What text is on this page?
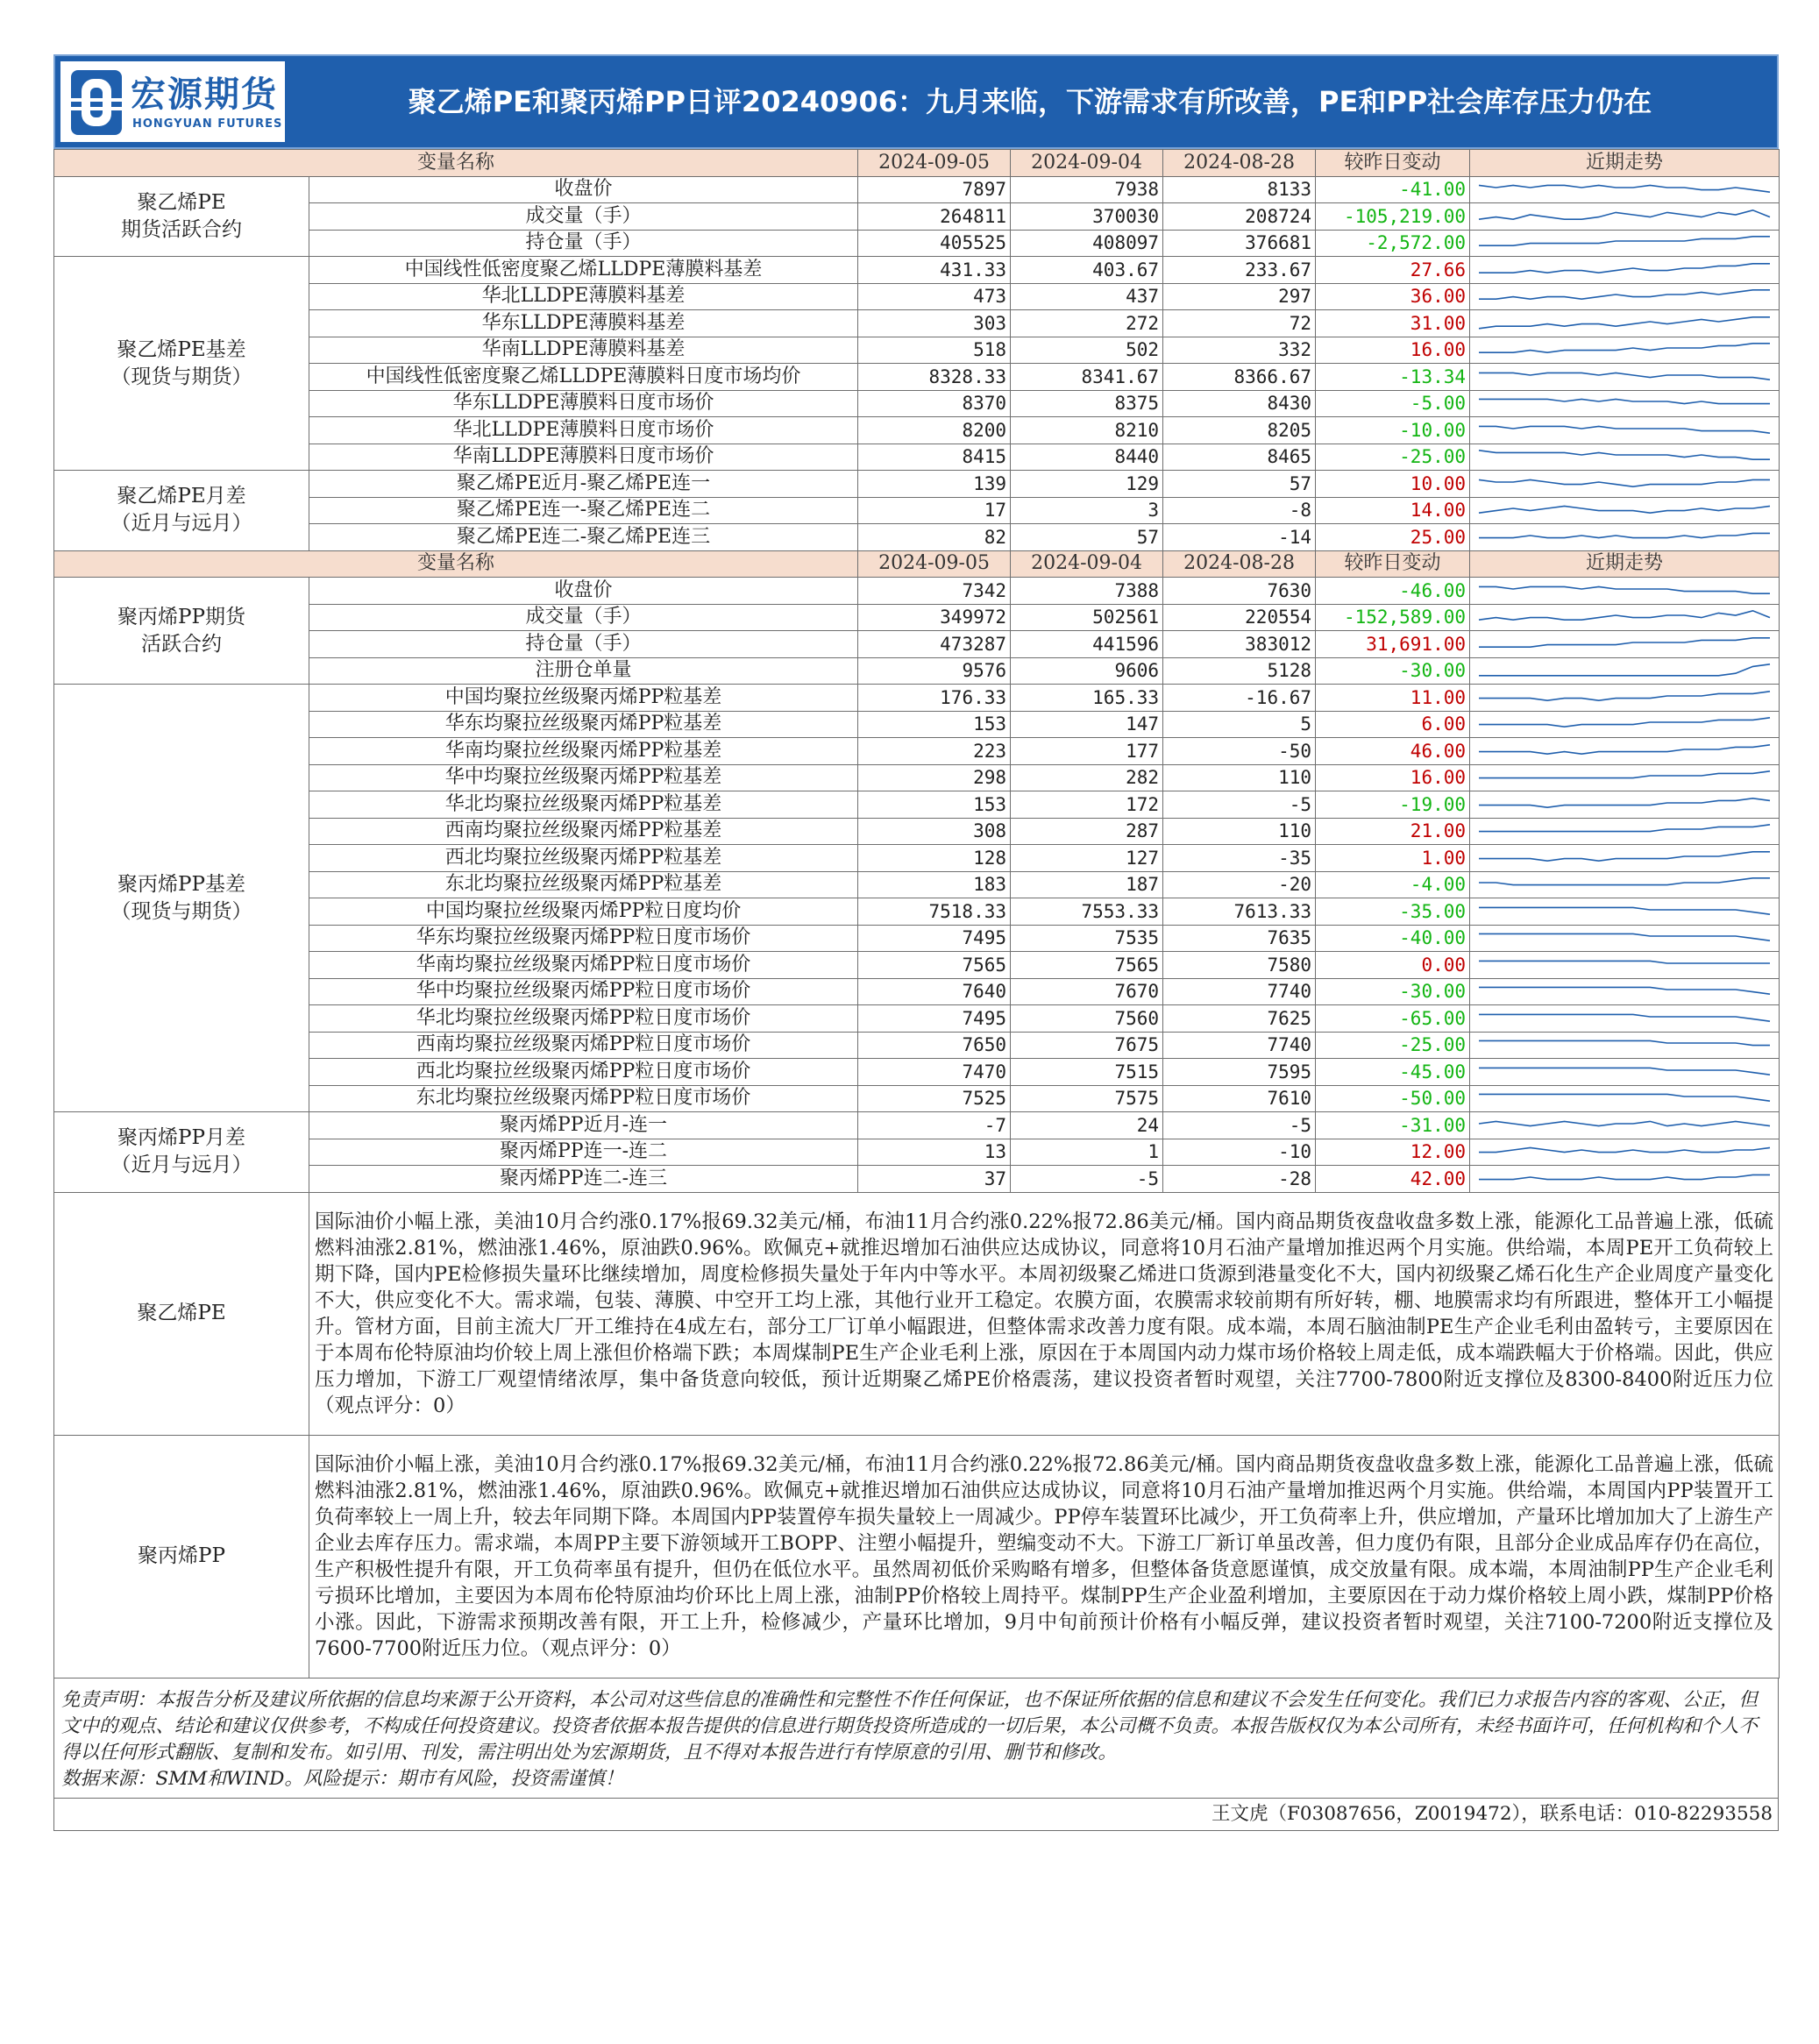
宏源期货
HONGYUAN FUTURES
聚乙烯PE和聚丙烯PP日评20240906：九月来临，下游需求有所改善，PE和PP社会库存压力仍在
变量名称		2024-09-05	2024-09-04	2024-08-28	较昨日变动	近期走势
聚乙烯PE
期货活跃合约	收盘价	7897	7938	8133	-41.00	

	成交量（手）	264811	370030	208724	-105,219.00	

	持仓量（手）	405525	408097	376681	-2,572.00	

聚乙烯PE基差
（现货与期货）	中国线性低密度聚乙烯LLDPE薄膜料基差	431.33	403.67	233.67	27.66	

	华北LLDPE薄膜料基差	473	437	297	36.00	

	华东LLDPE薄膜料基差	303	272	72	31.00	

	华南LLDPE薄膜料基差	518	502	332	16.00	

	中国线性低密度聚乙烯LLDPE薄膜料日度市场均价	8328.33	8341.67	8366.67	-13.34	

	华东LLDPE薄膜料日度市场价	8370	8375	8430	-5.00	

	华北LLDPE薄膜料日度市场价	8200	8210	8205	-10.00	

	华南LLDPE薄膜料日度市场价	8415	8440	8465	-25.00	

聚乙烯PE月差
（近月与远月）	聚乙烯PE近月-聚乙烯PE连一	139	129	57	10.00	

	聚乙烯PE连一-聚乙烯PE连二	17	3	-8	14.00	

	聚乙烯PE连二-聚乙烯PE连三	82	57	-14	25.00	

变量名称		2024-09-05	2024-09-04	2024-08-28	较昨日变动	近期走势
聚丙烯PP期货
活跃合约	收盘价	7342	7388	7630	-46.00	

	成交量（手）	349972	502561	220554	-152,589.00	

	持仓量（手）	473287	441596	383012	31,691.00	

	注册仓单量	9576	9606	5128	-30.00	

聚丙烯PP基差
（现货与期货）	中国均聚拉丝级聚丙烯PP粒基差	176.33	165.33	-16.67	11.00	

	华东均聚拉丝级聚丙烯PP粒基差	153	147	5	6.00	

	华南均聚拉丝级聚丙烯PP粒基差	223	177	-50	46.00	

	华中均聚拉丝级聚丙烯PP粒基差	298	282	110	16.00	

	华北均聚拉丝级聚丙烯PP粒基差	153	172	-5	-19.00	

	西南均聚拉丝级聚丙烯PP粒基差	308	287	110	21.00	

	西北均聚拉丝级聚丙烯PP粒基差	128	127	-35	1.00	

	东北均聚拉丝级聚丙烯PP粒基差	183	187	-20	-4.00	

	中国均聚拉丝级聚丙烯PP粒日度均价	7518.33	7553.33	7613.33	-35.00	

	华东均聚拉丝级聚丙烯PP粒日度市场价	7495	7535	7635	-40.00	

	华南均聚拉丝级聚丙烯PP粒日度市场价	7565	7565	7580	0.00	

	华中均聚拉丝级聚丙烯PP粒日度市场价	7640	7670	7740	-30.00	

	华北均聚拉丝级聚丙烯PP粒日度市场价	7495	7560	7625	-65.00	

	西南均聚拉丝级聚丙烯PP粒日度市场价	7650	7675	7740	-25.00	

	西北均聚拉丝级聚丙烯PP粒日度市场价	7470	7515	7595	-45.00	

	东北均聚拉丝级聚丙烯PP粒日度市场价	7525	7575	7610	-50.00	

聚丙烯PP月差
（近月与远月）	聚丙烯PP近月-连一	-7	24	-5	-31.00	

	聚丙烯PP连一-连二	13	1	-10	12.00	

	聚丙烯PP连二-连三	37	-5	-28	42.00	

聚乙烯PE	国际油价小幅上涨，美油10月合约涨0.17%报69.32美元/桶，布油11月合约涨0.22%报72.86美元/桶。国内商品期货夜盘收盘多数上涨，能源化工品普遍上涨，低硫燃料油涨2.81%，燃油涨1.46%，原油跌0.96%。欧佩克+就推迟增加石油供应达成协议，同意将10月石油产量增加推迟两个月实施。供给端，本周PE开工负荷较上期下降，国内PE检修损失量环比继续增加，周度检修损失量处于年内中等水平。本周初级聚乙烯进口货源到港量变化不大，国内初级聚乙烯石化生产企业周度产量变化不大，供应变化不大。需求端，包装、薄膜、中空开工均上涨，其他行业开工稳定。农膜方面，农膜需求较前期有所好转，棚、地膜需求均有所跟进，整体开工小幅提升。管材方面，目前主流大厂开工维持在4成左右，部分工厂订单小幅跟进，但整体需求改善力度有限。成本端，本周石脑油制PE生产企业毛利由盈转亏，主要原因在于本周布伦特原油均价较上周上涨但价格端下跌；本周煤制PE生产企业毛利上涨，原因在于本周国内动力煤市场价格较上周走低，成本端跌幅大于价格端。因此，供应压力增加，下游工厂观望情绪浓厚，集中备货意向较低，预计近期聚乙烯PE价格震荡，建议投资者暂时观望，关注7700-7800附近支撑位及8300-8400附近压力位（观点评分：0）					

聚丙烯PP	国际油价小幅上涨，美油10月合约涨0.17%报69.32美元/桶，布油11月合约涨0.22%报72.86美元/桶。国内商品期货夜盘收盘多数上涨，能源化工品普遍上涨，低硫燃料油涨2.81%，燃油涨1.46%，原油跌0.96%。欧佩克+就推迟增加石油供应达成协议，同意将10月石油产量增加推迟两个月实施。供给端，本周国内PP装置开工负荷率较上一周上升，较去年同期下降。本周国内PP装置停车损失量较上一周减少。PP停车装置环比减少，开工负荷率上升，供应增加，产量环比增加加大了上游生产企业去库存压力。需求端，本周PP主要下游领域开工BOPP、注塑小幅提升，塑编变动不大。下游工厂新订单虽改善，但力度仍有限，且部分企业成品库存仍在高位，生产积极性提升有限，开工负荷率虽有提升，但仍在低位水平。虽然周初低价采购略有增多，但整体备货意愿谨慎，成交放量有限。成本端，本周油制PP生产企业毛利亏损环比增加，主要因为本周布伦特原油均价环比上周上涨，油制PP价格较上周持平。煤制PP生产企业盈利增加，主要原因在于动力煤价格较上周小跌，煤制PP价格小涨。因此，下游需求预期改善有限，开工上升，检修减少，产量环比增加，9月中旬前预计价格有小幅反弹，建议投资者暂时观望，关注7100-7200附近支撑位及7600-7700附近压力位。（观点评分：0）					

免责声明：本报告分析及建议所依据的信息均来源于公开资料，本公司对这些信息的准确性和完整性不作任何保证，也不保证所依据的信息和建议不会发生任何变化。我们已力求报告内容的客观、公正，但文中的观点、结论和建议仅供参考，不构成任何投资建议。投资者依据本报告提供的信息进行期货投资所造成的一切后果，本公司概不负责。本报告版权仅为本公司所有，未经书面许可，任何机构和个人不得以任何形式翻版、复制和发布。如引用、刊发，需注明出处为宏源期货，且不得对本报告进行有悖原意的引用、删节和修改。

数据来源：SMM和WIND。风险提示：期市有风险，投资需谨慎！

王文虎（F03087656，Z0019472），联系电话：010-82293558
